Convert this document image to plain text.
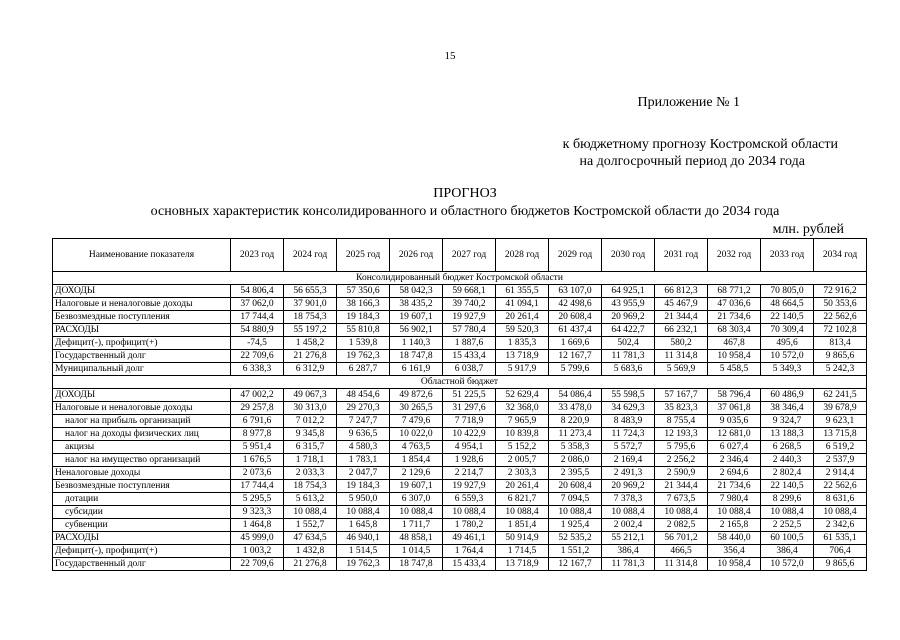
15
Приложение № 1
к бюджетному прогнозу Костромской области
на долгосрочный период до 2034 года
ПРОГНОЗ
основных характеристик консолидированного и областного бюджетов Костромской области до 2034 года
млн. рублей
Наименование показателя	2023 год	2024 год	2025 год	2026 год	2027 год	2028 год	2029 год	2030 год	2031 год	2032 год	2033 год	2034 год
Консолидированный бюджет Костромской области												
ДОХОДЫ	54 806,4	56 655,3	57 350,6	58 042,3	59 668,1	61 355,5	63 107,0	64 925,1	66 812,3	68 771,2	70 805,0	72 916,2
Налоговые и неналоговые доходы	37 062,0	37 901,0	38 166,3	38 435,2	39 740,2	41 094,1	42 498,6	43 955,9	45 467,9	47 036,6	48 664,5	50 353,6
Безвозмездные поступления	17 744,4	18 754,3	19 184,3	19 607,1	19 927,9	20 261,4	20 608,4	20 969,2	21 344,4	21 734,6	22 140,5	22 562,6
РАСХОДЫ	54 880,9	55 197,2	55 810,8	56 902,1	57 780,4	59 520,3	61 437,4	64 422,7	66 232,1	68 303,4	70 309,4	72 102,8
Дефицит(-), профицит(+)	-74,5	1 458,2	1 539,8	1 140,3	1 887,6	1 835,3	1 669,6	502,4	580,2	467,8	495,6	813,4
Государственный долг	22 709,6	21 276,8	19 762,3	18 747,8	15 433,4	13 718,9	12 167,7	11 781,3	11 314,8	10 958,4	10 572,0	9 865,6
Муниципальный долг	6 338,3	6 312,9	6 287,7	6 161,9	6 038,7	5 917,9	5 799,6	5 683,6	5 569,9	5 458,5	5 349,3	5 242,3
Областной бюджет												
ДОХОДЫ	47 002,2	49 067,3	48 454,6	49 872,6	51 225,5	52 629,4	54 086,4	55 598,5	57 167,7	58 796,4	60 486,9	62 241,5
Налоговые и неналоговые доходы	29 257,8	30 313,0	29 270,3	30 265,5	31 297,6	32 368,0	33 478,0	34 629,3	35 823,3	37 061,8	38 346,4	39 678,9
налог на прибыль организаций	6 791,6	7 012,2	7 247,7	7 479,6	7 718,9	7 965,9	8 220,9	8 483,9	8 755,4	9 035,6	9 324,7	9 623,1
налог на доходы физических лиц	8 977,8	9 345,8	9 636,5	10 022,0	10 422,9	10 839,8	11 273,4	11 724,3	12 193,3	12 681,0	13 188,3	13 715,8
акцизы	5 951,4	6 315,7	4 580,3	4 763,5	4 954,1	5 152,2	5 358,3	5 572,7	5 795,6	6 027,4	6 268,5	6 519,2
налог на имущество организаций	1 676,5	1 718,1	1 783,1	1 854,4	1 928,6	2 005,7	2 086,0	2 169,4	2 256,2	2 346,4	2 440,3	2 537,9
Неналоговые доходы	2 073,6	2 033,3	2 047,7	2 129,6	2 214,7	2 303,3	2 395,5	2 491,3	2 590,9	2 694,6	2 802,4	2 914,4
Безвозмездные поступления	17 744,4	18 754,3	19 184,3	19 607,1	19 927,9	20 261,4	20 608,4	20 969,2	21 344,4	21 734,6	22 140,5	22 562,6
дотации	5 295,5	5 613,2	5 950,0	6 307,0	6 559,3	6 821,7	7 094,5	7 378,3	7 673,5	7 980,4	8 299,6	8 631,6
субсидии	9 323,3	10 088,4	10 088,4	10 088,4	10 088,4	10 088,4	10 088,4	10 088,4	10 088,4	10 088,4	10 088,4	10 088,4
субвенции	1 464,8	1 552,7	1 645,8	1 711,7	1 780,2	1 851,4	1 925,4	2 002,4	2 082,5	2 165,8	2 252,5	2 342,6
РАСХОДЫ	45 999,0	47 634,5	46 940,1	48 858,1	49 461,1	50 914,9	52 535,2	55 212,1	56 701,2	58 440,0	60 100,5	61 535,1
Дефицит(-), профицит(+)	1 003,2	1 432,8	1 514,5	1 014,5	1 764,4	1 714,5	1 551,2	386,4	466,5	356,4	386,4	706,4
Государственный долг	22 709,6	21 276,8	19 762,3	18 747,8	15 433,4	13 718,9	12 167,7	11 781,3	11 314,8	10 958,4	10 572,0	9 865,6
